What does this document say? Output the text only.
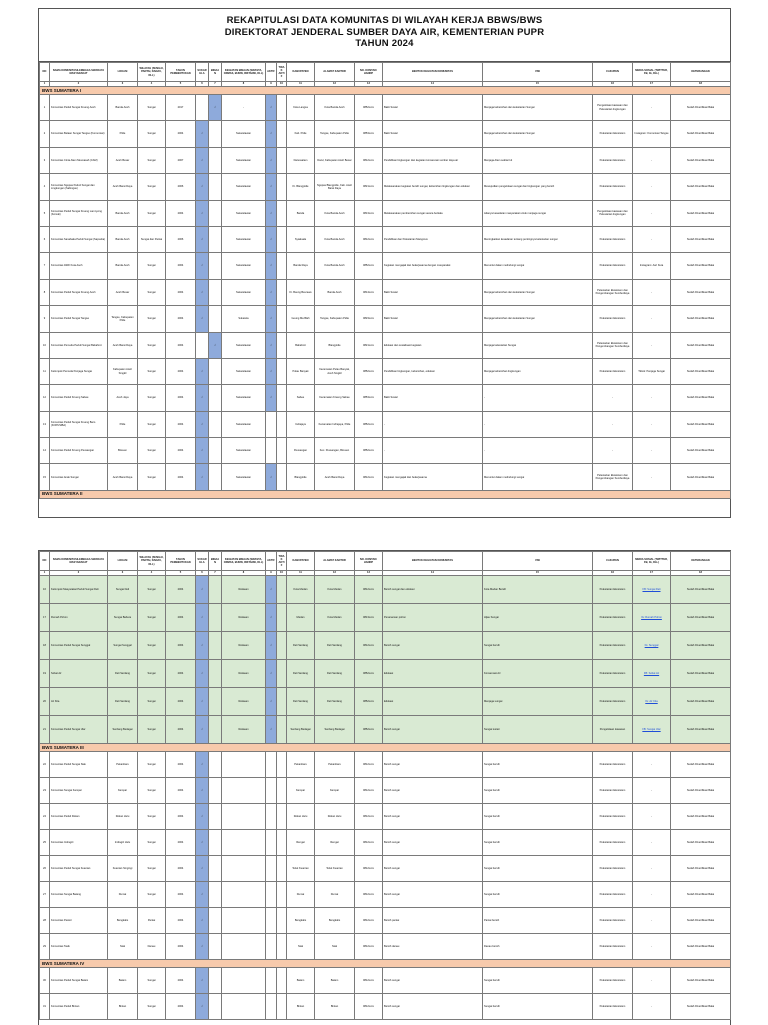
REKAPITULASI DATA KOMUNITAS DI WILAYAH KERJA BBWS/BWS
DIREKTORAT JENDERAL SUMBER DAYA AIR, KEMENTERIAN PUPR
TAHUN 2024
NO	NAMA KOMUNITAS/LEMBAGA SWADAYA MASYARAKAT	LOKASI	WILAYAH (SUNGAI, PANTAI, DANAU, DLL)	TAHUN PEMBENTUKAN	SUKARELA	BINAAN	KEGIATAN BINAAN (SWASTA, ORMAS, BUMN, INSTANSI, DLL)	AKTIF	TIDAK AKTIF	KABUPATEN	ALAMAT KANTOR	NO. KONTAK/ HANDP	BENTUK KEGIATAN KOMUNITAS	VISI	CAKUPAN	MEDIA SOSIAL (TWITTER, FB, IG, DLL)	KETERANGAN
1	2	3	4	5	6	7	8	9	10	11	12	13	14	15	16	17	18
BWS SUMATERA I																	
1	Komunitas Peduli Sungai Krueng Aceh	Banda Aceh	Sungai	2017		√	-	√		Kota Langsa	Kota Banda Aceh	0852xxxx	Bakti Sosial	Menjaga kebersihan dan kelestarian Sungai	Pengelolaan kawasan dan Pelestarian lingkungan	-	Sudah Diverifikasi Balai
2	Komunitas Belaan Sungai Tangse (Komuniasi)	Pidie	Sungai	2004	√		Sukarelawan	√		Kab. Pidie	Tangse, Kabupaten Pidie	0853xxxx	Bakti Sosial	Menjaga kebersihan dan kelestarian Sungai	Pelestarian Ekosistem	Instagram: Komuniasi Tangse	Sudah Diverifikasi Balai
3	Komunitas Cinta Alam Meunasah (CAM)	Aceh Besar	Sungai	2007	√		Sukarelawan	√		Darussalam	Darul, Kabupaten Aceh Besar	0812xxxx	Pendidikan lingkungan dan kegiatan konservasi sumber daya air	Menjaga Alam sekitar kit	Pelestarian Ekosistem	-	Sudah Diverifikasi Balai
4	Komunitas Ngopas Peduli Sungai dan Lingkungan (Sabingas)	Aceh Barat Daya	Sungai	2006	√		Sukarelawan	√		Kt. Blangpidie	Ngopas Blangpidie, Kab. Aceh Barat Daya	0821xxxx	Melaksanakan kegiatan bersih sungai, kebersihan lingkungan dan edukasi	Mewujudkan pengelolaan sungai dan lingkungan yang bersih	Pelestarian Ekosistem	-	Sudah Diverifikasi Balai
5	Komunitas Peduli Sungai Krueng Lamnyong (Komali)	Banda Aceh	Sungai	2004	√		Sukarelawan	√		Banda	Kota Banda Aceh	0813xxxx	Melaksanakan pembersihan sungai secara berkala	Adanya kesadaran masyarakat untuk menjaga sungai	Pengelolaan kawasan dan Pelestarian lingkungan	-	Sudah Diverifikasi Balai
6	Komunitas Sanabaka Peduli Sungai (Sapsuba)	Banda Aceh	Sungai dan Pantai	2006	√		Sukarelawan	√		Syiakuala	Kota Banda Aceh	0812xxxx	Pendidikan dan Pelestarian Mangrove	Meningkatkan kesadaran tentang pentingnya kelestarian sungai	Pelestarian Ekosistem	-	Sudah Diverifikasi Balai
7	Komunitas ASRI Kuta Asoh	Banda Aceh	Sungai	2004	√		Sukarelawan	√		Banda Raya	Kota Banda Aceh	0852xxxx	Kegiatan mengajak dan bekerjasama dengan masyarakat	Menuntut dalam melindungi sungai	Pelestarian Ekosistem	Instagram: Asri Kuta	Sudah Diverifikasi Balai
8	Komunitas Peduli Sungai Krueng Aceh	Aceh Besar	Sungai	2004	√		Sukarelawan	√		Kt. Bueng Beurawe	Banda Aceh	0814xxxx	Bakti Sosial	Menjaga kebersihan dan kelestarian Sungai	Pelestarian Ekosistem dan Pengembangan Sumberdaya	-	Sudah Diverifikasi Balai
9	Komunitas Peduli Sungai Tangse	Tangse, Kabupaten Pidie	Sungai	2004	√		Sukarela	√		Geung Ma Blah	Tangse, Kabupaten Pidie	0823xxxx	Bakti Sosial	Menjaga kebersihan dan kelestarian Sungai	Pelestarian Ekosistem	-	Sudah Diverifikasi Balai
10	Komunitas Pemuda Peduli Sungai Babahrot	Aceh Barat Daya	Sungai	2004		√	Sukarelawan	√		Babahrot	Blangpidie	0821xxxx	Edukasi dan sosialisasi kegiatan	Menjaga kelestarian Sungai	Pelestarian Ekosistem dan Pengembangan Sumberdaya	-	Sudah Diverifikasi Balai
11	Kelompok Pemuda Penjaga Sungai	Kabupaten Aceh Singkil	Sungai	2004	√		Sukarelawan	√		Pulau Banyak	Kecamatan Pulau Banyak, Aceh Singkil	0852xxxx	Pendidikan lingkungan, kebersihan, edukasi	Menjaga kebersihan lingkungan	Pelestarian Ekosistem	Tiktok: Penjaga Sungai	Sudah Diverifikasi Balai
12	Komunitas Peduli Krueng Sabee	Aceh Jaya	Sungai	2004	√		Sukarelawan	√		Sabee	Kecamatan Krueng Sabee	0853xxxx	Bakti Sosial	-	-	-	Sudah Diverifikasi Balai
13	Komunitas Peduli Sungai Krueng Baro (KOPUSIBA)	Pidie	Sungai	2004	√		Sukarelawan			Indrajaya	Kecamatan Indrajaya, Pidie	0852xxxx	-	-	-	-	Sudah Diverifikasi Balai
14	Komunitas Peduli Krueng Peusangan	Bireuen	Sungai	2004	√		Sukarelawan			Peusangan	Kec. Peusangan, Bireuen	0852xxxx	-	-	-	-	Sudah Diverifikasi Balai
15	Komunitas Anak Sungai	Aceh Barat Daya	Sungai	2004	√		Sukarelawan	√		Blangpidie	Aceh Barat Daya	0812xxxx	Kegiatan mengajak dan bekerjasama	Menuntut dalam melindungi sungai	Pelestarian Ekosistem dan Pengembangan Sumberdaya	-	Sudah Diverifikasi Balai
BWS SUMATERA II																	
NO	NAMA KOMUNITAS/LEMBAGA SWADAYA MASYARAKAT	LOKASI	WILAYAH (SUNGAI, PANTAI, DANAU, DLL)	TAHUN PEMBENTUKAN	SUKARELA	BINAAN	KEGIATAN BINAAN (SWASTA, ORMAS, BUMN, INSTANSI, DLL)	AKTIF	TIDAK AKTIF	KABUPATEN	ALAMAT KANTOR	NO. KONTAK/ HANDP	BENTUK KEGIATAN KOMUNITAS	VISI	CAKUPAN	MEDIA SOSIAL (TWITTER, FB, IG, DLL)	KETERANGAN
1	2	3	4	5	6	7	8	9	10	11	12	13	14	15	16	17	18
16	Kelompok Masyarakat Peduli Sungai Deli	Sungai Deli	Sungai	2004	√		Relawan	√		Kota Medan	Kota Medan	0812xxxx	Bersih sungai dan edukasi	Kota Medan Bersih	Pelestarian Ekosistem	FB: Sungai Deli	Sudah Diverifikasi Balai
17	Rumah Pohon	Sungai Babura	Sungai	2004	√		Relawan	√		Medan	Kota Medan	0813xxxx	Penanaman pohon	Hijau Sungai	Pelestarian Ekosistem	IG: Rumah Pohon	Sudah Diverifikasi Balai
18	Komunitas Peduli Sungai Sunggal	Sungai Sunggal	Sungai	2004	√		Relawan	√		Deli Serdang	Deli Serdang	0812xxxx	Bersih sungai	Sungai bersih	Pelestarian Ekosistem	IG: Sunggal	Sudah Diverifikasi Balai
19	Sobat Air	Deli Serdang	Sungai	2004	√		Relawan	√		Deli Serdang	Deli Serdang	0852xxxx	Edukasi	Konservasi Air	Pelestarian Ekosistem	FB: Sobat Air	Sudah Diverifikasi Balai
20	Air Kita	Deli Serdang	Sungai	2004	√		Relawan	√		Deli Serdang	Deli Serdang	0852xxxx	Edukasi	Menjaga sungai	Pelestarian Ekosistem	IG: Air Kita	Sudah Diverifikasi Balai
21	Komunitas Peduli Sungai Ular	Serdang Bedagai	Sungai	2004	√		Relawan	√		Serdang Bedagai	Serdang Bedagai	0852xxxx	Bersih sungai	Sungai lestari	Pengelolaan kawasan	FB: Sungai Ular	Sudah Diverifikasi Balai
BWS SUMATERA III																	
22	Komunitas Peduli Sungai Siak	Pekanbaru	Sungai	2004	√					Pekanbaru	Pekanbaru	0812xxxx	Bersih sungai	Sungai bersih	Pelestarian Ekosistem	-	Sudah Diverifikasi Balai
23	Komunitas Sungai Kampar	Kampar	Sungai	2004	√					Kampar	Kampar	0812xxxx	Bersih sungai	Sungai bersih	Pelestarian Ekosistem	-	Sudah Diverifikasi Balai
24	Komunitas Peduli Rokan	Rokan Hulu	Sungai	2004	√					Rokan Hulu	Rokan Hulu	0812xxxx	Bersih sungai	Sungai bersih	Pelestarian Ekosistem	-	Sudah Diverifikasi Balai
25	Komunitas Indragiri	Indragiri Hulu	Sungai	2004	√					Rengat	Rengat	0812xxxx	Bersih sungai	Sungai bersih	Pelestarian Ekosistem	-	Sudah Diverifikasi Balai
26	Komunitas Peduli Sungai Kuantan	Kuantan Singingi	Sungai	2004	√					Teluk Kuantan	Teluk Kuantan	0812xxxx	Bersih sungai	Sungai bersih	Pelestarian Ekosistem	-	Sudah Diverifikasi Balai
27	Komunitas Sungai Batang	Dumai	Sungai	2004	√					Dumai	Dumai	0812xxxx	Bersih sungai	Sungai bersih	Pelestarian Ekosistem	-	Sudah Diverifikasi Balai
28	Komunitas Pesisir	Bengkalis	Pantai	2004	√					Bengkalis	Bengkalis	0812xxxx	Bersih pantai	Pantai bersih	Pelestarian Ekosistem	-	Sudah Diverifikasi Balai
29	Komunitas Tasik	Siak	Danau	2004	√					Siak	Siak	0812xxxx	Bersih danau	Danau bersih	Pelestarian Ekosistem	-	Sudah Diverifikasi Balai
BWS SUMATERA IV																	
30	Komunitas Peduli Sungai Batam	Batam	Sungai	2004	√					Batam	Batam	0812xxxx	Bersih sungai	Sungai bersih	Pelestarian Ekosistem	-	Sudah Diverifikasi Balai
31	Komunitas Peduli Bintan	Bintan	Sungai	2004	√					Bintan	Bintan	0812xxxx	Bersih sungai	Sungai bersih	Pelestarian Ekosistem	-	Sudah Diverifikasi Balai
